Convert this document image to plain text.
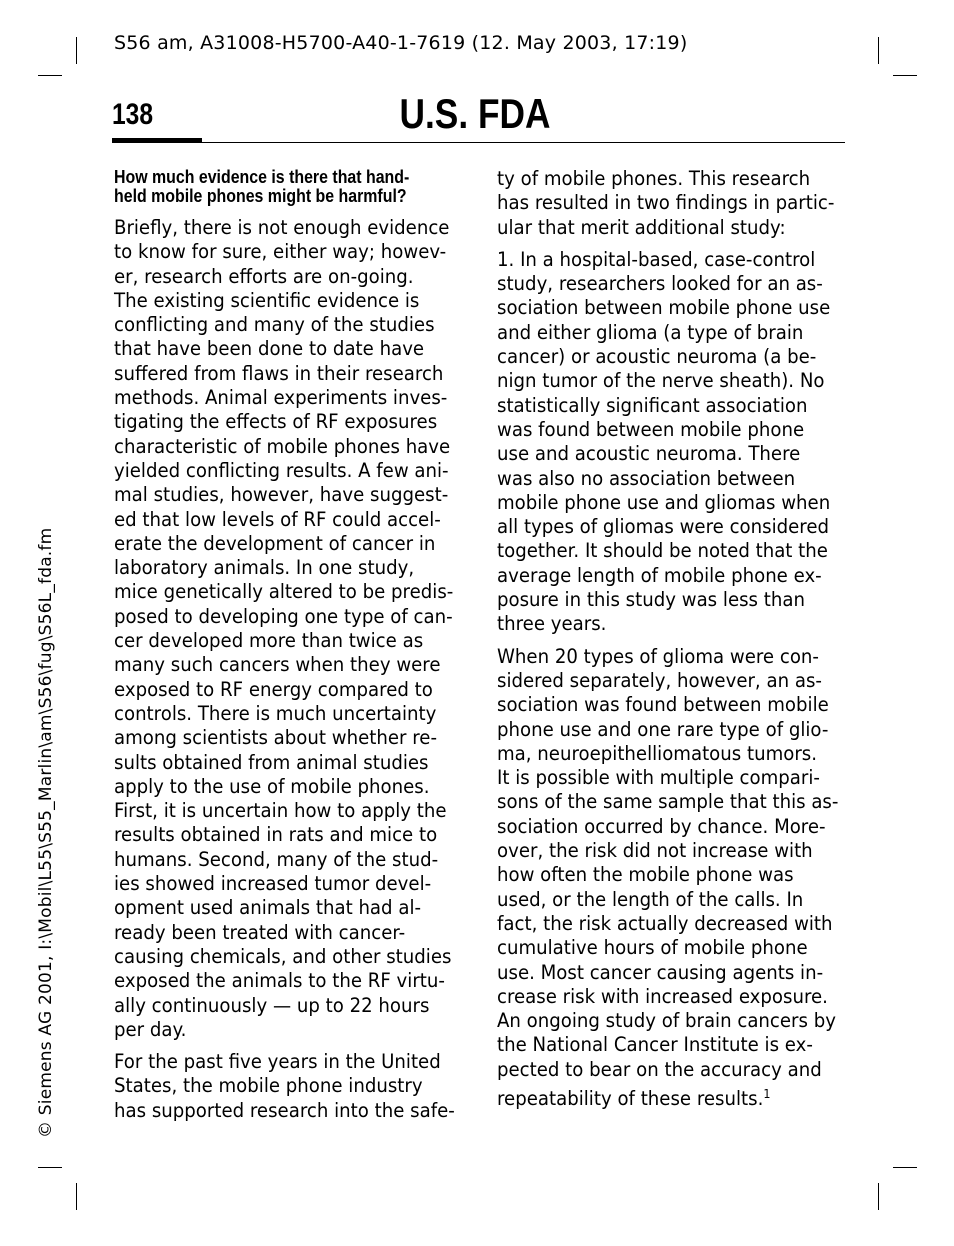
S56 am, A31008-H5700-A40-1-7619 (12. May 2003, 17:19)
138	U.S. FDA
How much evidence is there that hand-
held mobile phones might be harmful?
Briefly, there is not enough evidence
to know for sure, either way; howev-
er, research efforts are on-going.
The existing scientific evidence is
conflicting and many of the studies
that have been done to date have
suffered from flaws in their research
methods. Animal experiments inves-
tigating the effects of RF exposures
characteristic of mobile phones have
yielded conflicting results. A few ani-
mal studies, however, have suggest-
ed that low levels of RF could accel-
erate the development of cancer in
laboratory animals. In one study,
mice genetically altered to be predis-
posed to developing one type of can-
cer developed more than twice as
many such cancers when they were
exposed to RF energy compared to
controls. There is much uncertainty
among scientists about whether re-
sults obtained from animal studies
apply to the use of mobile phones.
First, it is uncertain how to apply the
results obtained in rats and mice to
humans. Second, many of the stud-
ies showed increased tumor devel-
opment used animals that had al-
ready been treated with cancer-
causing chemicals, and other studies
exposed the animals to the RF virtu-
ally continuously — up to 22 hours
per day.
For the past five years in the United
States, the mobile phone industry
has supported research into the safe-
ty of mobile phones. This research
has resulted in two findings in partic-
ular that merit additional study:
1. In a hospital-based, case-control
study, researchers looked for an as-
sociation between mobile phone use
and either glioma (a type of brain
cancer) or acoustic neuroma (a be-
nign tumor of the nerve sheath). No
statistically significant association
was found between mobile phone
use and acoustic neuroma. There
was also no association between
mobile phone use and gliomas when
all types of gliomas were considered
together. It should be noted that the
average length of mobile phone ex-
posure in this study was less than
three years.
When 20 types of glioma were con-
sidered separately, however, an as-
sociation was found between mobile
phone use and one rare type of glio-
ma, neuroepithelliomatous tumors.
It is possible with multiple compari-
sons of the same sample that this as-
sociation occurred by chance. More-
over, the risk did not increase with
how often the mobile phone was
used, or the length of the calls. In
fact, the risk actually decreased with
cumulative hours of mobile phone
use. Most cancer causing agents in-
crease risk with increased exposure.
An ongoing study of brain cancers by
the National Cancer Institute is ex-
pected to bear on the accuracy and
repeatability of these results.$^1$
© Siemens AG 2001, I:\Mobil\L55\S55_Marlin\am\S56\fug\S56L_fda.fm
